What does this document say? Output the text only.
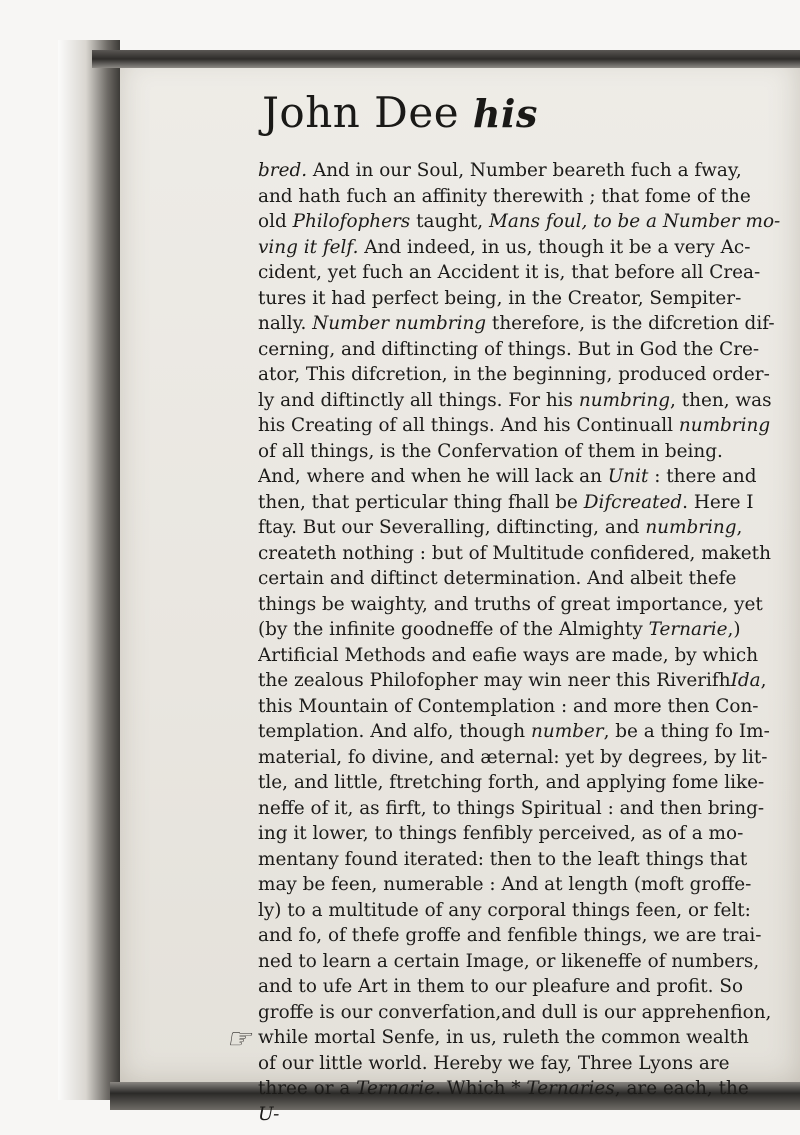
John Dee his
☞
bred. And in our Soul, Number beareth fuch a fway,
and hath fuch an affinity therewith ; that fome of the
old Philofophers taught, Mans foul, to be a Number mo-
ving it felf. And indeed, in us, though it be a very Ac-
cident, yet fuch an Accident it is, that before all Crea-
tures it had perfect being, in the Creator, Sempiter-
nally. Number numbring therefore, is the difcretion dif-
cerning, and diftincting of things. But in God the Cre-
ator, This difcretion, in the beginning, produced order-
ly and diftinctly all things. For his numbring, then, was
his Creating of all things. And his Continuall numbring
of all things, is the Confervation of them in being.
And, where and when he will lack an Unit : there and
then, that perticular thing fhall be Difcreated. Here I
ftay. But our Severalling, diftincting, and numbring,
createth nothing : but of Multitude confidered, maketh
certain and diftinct determination. And albeit thefe
things be waighty, and truths of great importance, yet
(by the infinite goodneffe of the Almighty Ternarie,)
Artificial Methods and eafie ways are made, by which
the zealous Philofopher may win neer this RiverifhIda,
this Mountain of Contemplation : and more then Con-
templation. And alfo, though number, be a thing fo Im-
material, fo divine, and æternal: yet by degrees, by lit-
tle, and little, ftretching forth, and applying fome like-
neffe of it, as firft, to things Spiritual : and then bring-
ing it lower, to things fenfibly perceived, as of a mo-
mentany found iterated: then to the leaft things that
may be feen, numerable : And at length (moft groffe-
ly) to a multitude of any corporal things feen, or felt:
and fo, of thefe groffe and fenfible things, we are trai-
ned to learn a certain Image, or likeneffe of numbers,
and to ufe Art in them to our pleafure and profit. So
groffe is our converfation,and dull is our apprehenfion,
while mortal Senfe, in us, ruleth the common wealth
of our little world. Hereby we fay, Three Lyons are
three or a Ternarie. Which * Ternaries, are each, the
U-
